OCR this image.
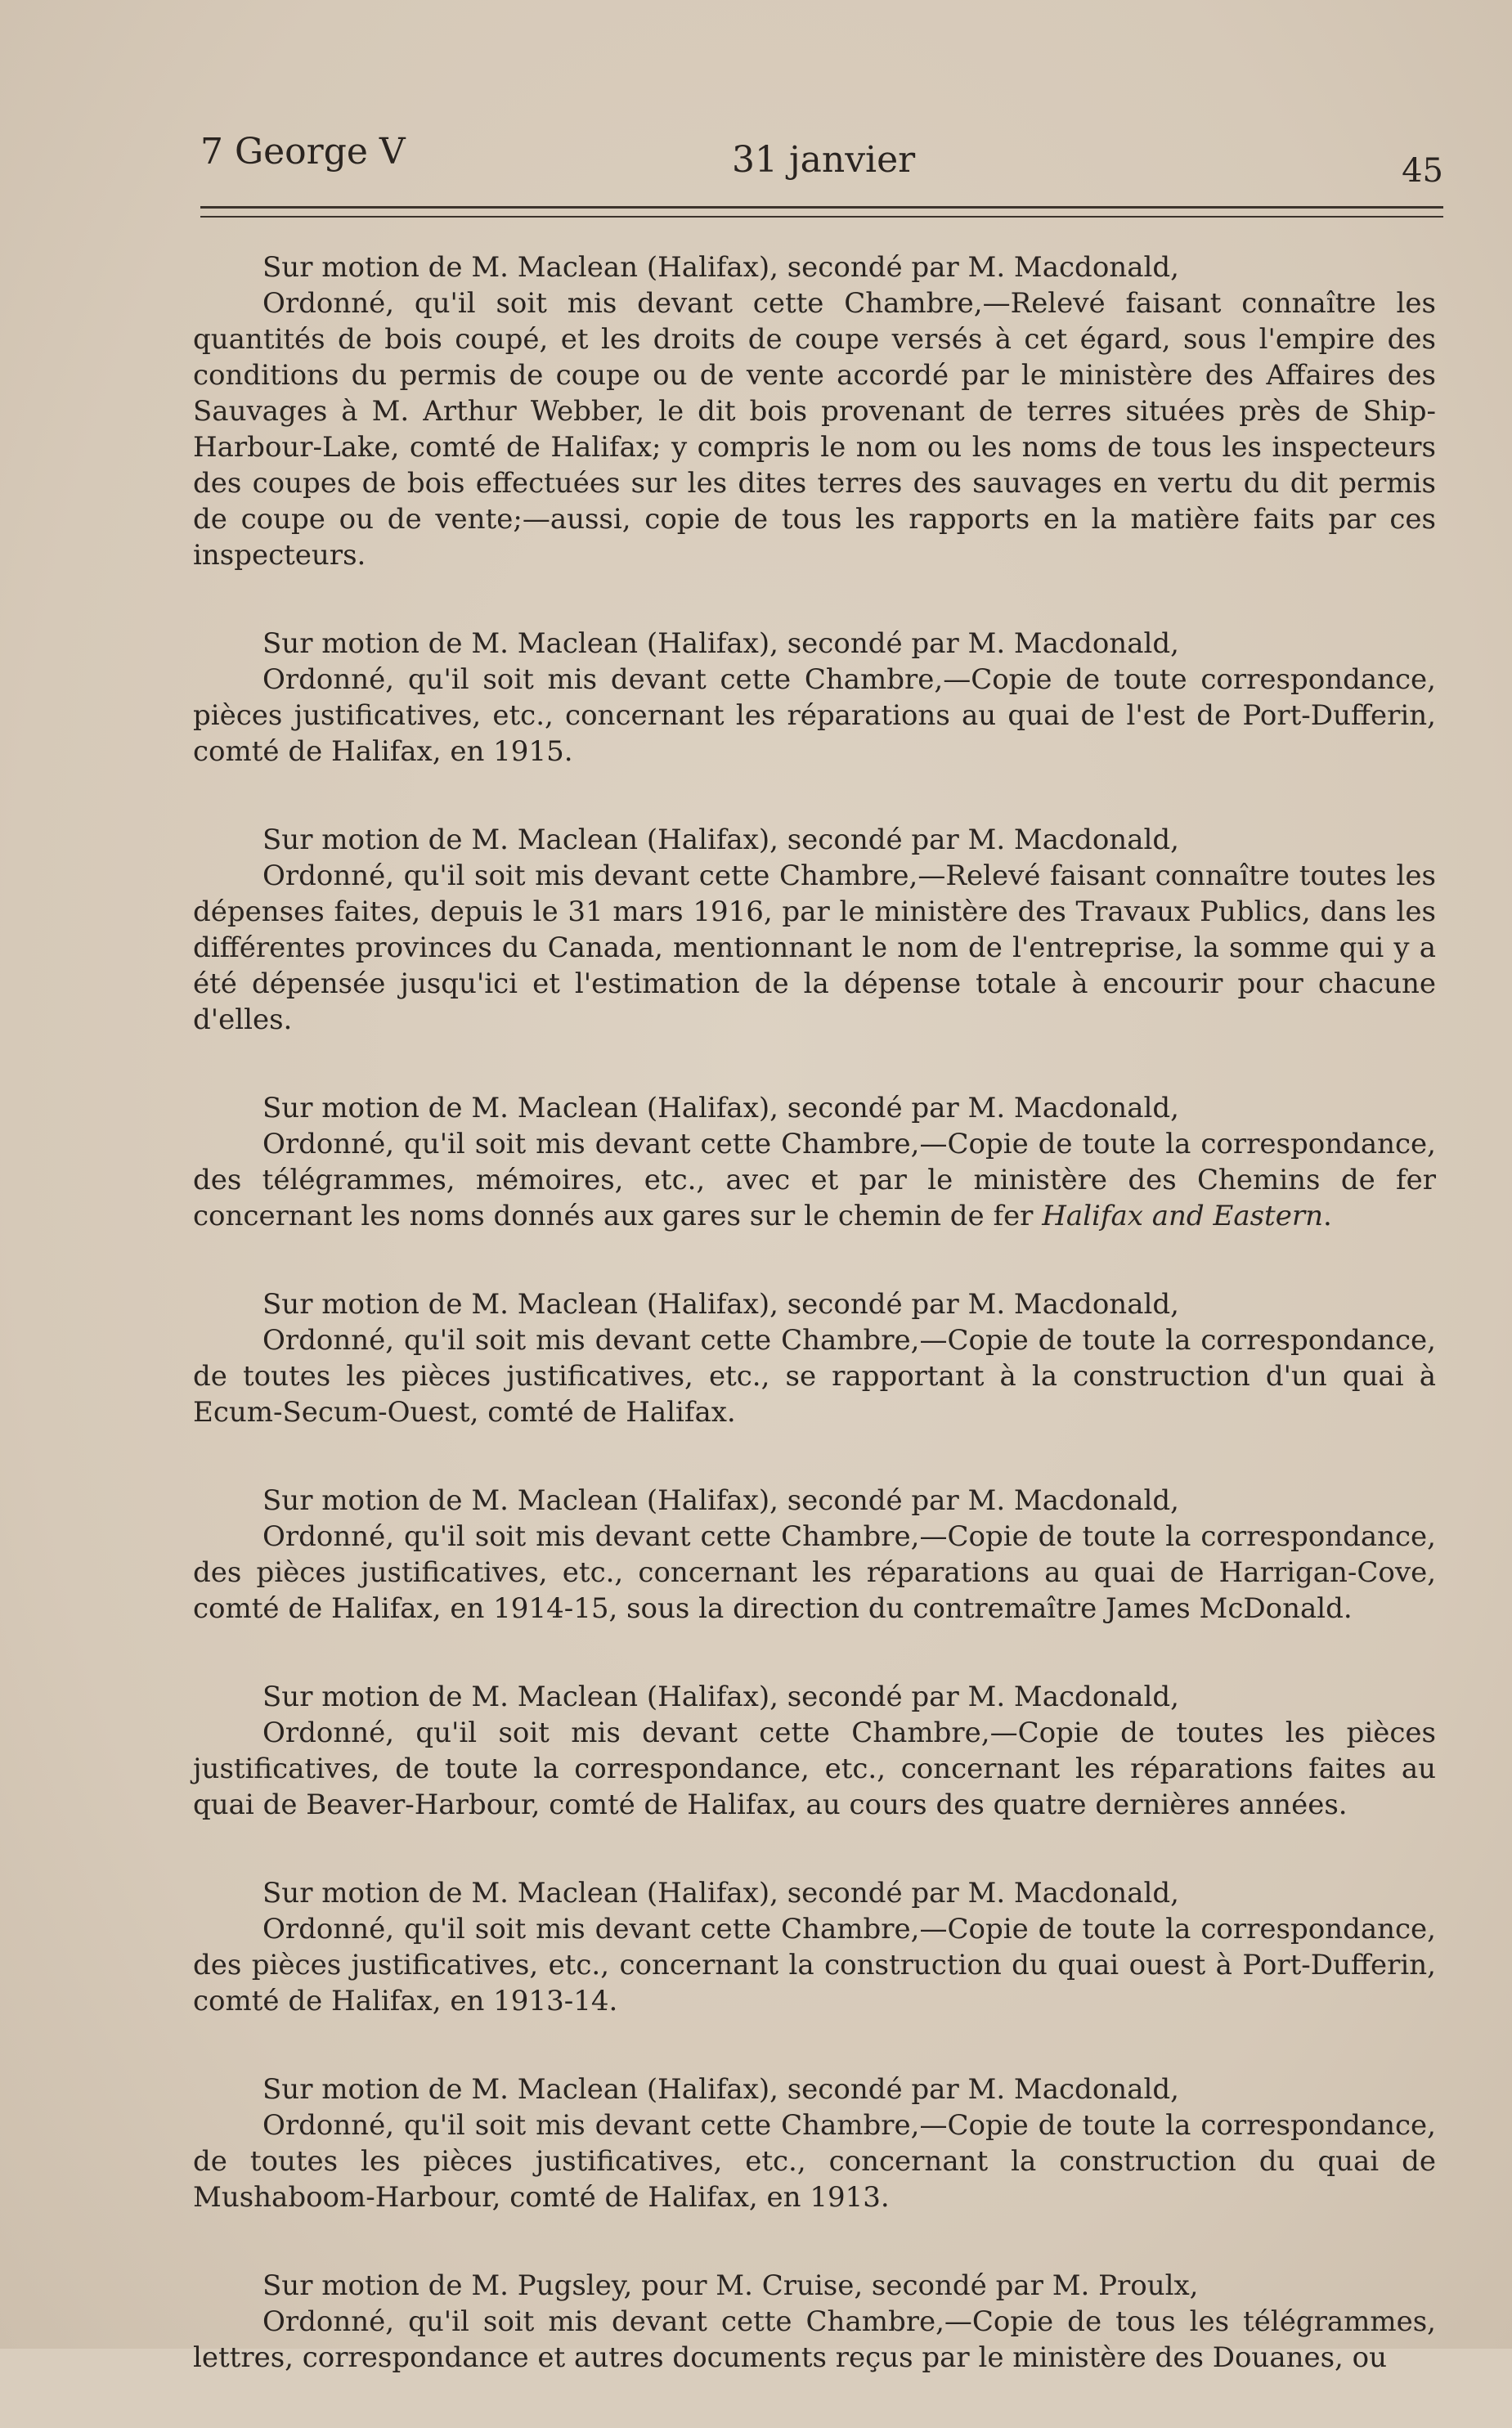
7 George V	31 janvier	45

Sur motion de M. Maclean (Halifax), secondé par M. Macdonald,

Ordonné, qu'il soit mis devant cette Chambre,—Relevé faisant connaître les quantités de bois coupé, et les droits de coupe versés à cet égard, sous l'empire des conditions du permis de coupe ou de vente accordé par le ministère des Affaires des Sauvages à M. Arthur Webber, le dit bois provenant de terres situées près de Ship-Harbour-Lake, comté de Halifax; y compris le nom ou les noms de tous les inspecteurs des coupes de bois effectuées sur les dites terres des sauvages en vertu du dit permis de coupe ou de vente;—aussi, copie de tous les rapports en la matière faits par ces inspecteurs.

Sur motion de M. Maclean (Halifax), secondé par M. Macdonald,

Ordonné, qu'il soit mis devant cette Chambre,—Copie de toute correspondance, pièces justificatives, etc., concernant les réparations au quai de l'est de Port-Dufferin, comté de Halifax, en 1915.

Sur motion de M. Maclean (Halifax), secondé par M. Macdonald,

Ordonné, qu'il soit mis devant cette Chambre,—Relevé faisant connaître toutes les dépenses faites, depuis le 31 mars 1916, par le ministère des Travaux Publics, dans les différentes provinces du Canada, mentionnant le nom de l'entreprise, la somme qui y a été dépensée jusqu'ici et l'estimation de la dépense totale à encourir pour chacune d'elles.

Sur motion de M. Maclean (Halifax), secondé par M. Macdonald,

Ordonné, qu'il soit mis devant cette Chambre,—Copie de toute la correspondance, des télégrammes, mémoires, etc., avec et par le ministère des Chemins de fer concernant les noms donnés aux gares sur le chemin de fer Halifax and Eastern.

Sur motion de M. Maclean (Halifax), secondé par M. Macdonald,

Ordonné, qu'il soit mis devant cette Chambre,—Copie de toute la correspondance, de toutes les pièces justificatives, etc., se rapportant à la construction d'un quai à Ecum-Secum-Ouest, comté de Halifax.

Sur motion de M. Maclean (Halifax), secondé par M. Macdonald,

Ordonné, qu'il soit mis devant cette Chambre,—Copie de toute la correspondance, des pièces justificatives, etc., concernant les réparations au quai de Harrigan-Cove, comté de Halifax, en 1914-15, sous la direction du contremaître James McDonald.

Sur motion de M. Maclean (Halifax), secondé par M. Macdonald,

Ordonné, qu'il soit mis devant cette Chambre,—Copie de toutes les pièces justificatives, de toute la correspondance, etc., concernant les réparations faites au quai de Beaver-Harbour, comté de Halifax, au cours des quatre dernières années.

Sur motion de M. Maclean (Halifax), secondé par M. Macdonald,

Ordonné, qu'il soit mis devant cette Chambre,—Copie de toute la correspondance, des pièces justificatives, etc., concernant la construction du quai ouest à Port-Dufferin, comté de Halifax, en 1913-14.

Sur motion de M. Maclean (Halifax), secondé par M. Macdonald,

Ordonné, qu'il soit mis devant cette Chambre,—Copie de toute la correspondance, de toutes les pièces justificatives, etc., concernant la construction du quai de Mushaboom-Harbour, comté de Halifax, en 1913.

Sur motion de M. Pugsley, pour M. Cruise, secondé par M. Proulx,

Ordonné, qu'il soit mis devant cette Chambre,—Copie de tous les télégrammes, lettres, correspondance et autres documents reçus par le ministère des Douanes, ou
